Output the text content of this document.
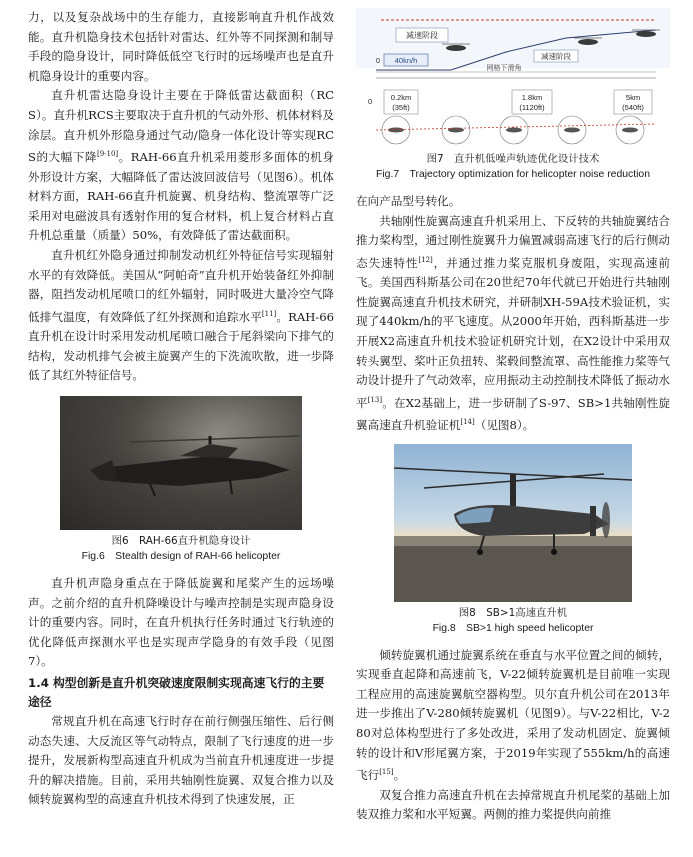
力，以及复杂战场中的生存能力，直接影响直升机作战效能。直升机隐身技术包括针对雷达、红外等不同探测和制导手段的隐身设计，同时降低低空飞行时的远场噪声也是直升机隐身设计的重要内容。

直升机雷达隐身设计主要在于降低雷达截面积（RCS）。直升机RCS主要取决于直升机的气动外形、机体材料及涂层。直升机外形隐身通过气动/隐身一体化设计等实现RCS的大幅下降[9-10]。RAH-66直升机采用菱形多面体的机身外形设计方案，大幅降低了雷达波回波信号（见图6）。机体材料方面，RAH-66直升机旋翼、机身结构、整流罩等广泛采用对电磁波具有透射作用的复合材料，机上复合材料占直升机总重量（质量）50%，有效降低了雷达截面积。

直升机红外隐身通过抑制发动机红外特征信号实现辐射水平的有效降低。美国从“阿帕奇”直升机开始装备红外抑制器，阻挡发动机尾喷口的红外辐射，同时吸进大量冷空气降低排气温度，有效降低了红外探测和追踪水平[11]。RAH-66直升机在设计时采用发动机尾喷口融合于尾斜梁向下排气的结构，发动机排气会被主旋翼产生的下洗流吹散，进一步降低了其红外特征信号。

图6　RAH-66直升机隐身设计

Fig.6　Stealth design of RAH-66 helicopter

直升机声隐身重点在于降低旋翼和尾桨产生的远场噪声。之前介绍的直升机降噪设计与噪声控制是实现声隐身设计的重要内容。同时，在直升机执行任务时通过飞行轨迹的优化降低声探测水平也是实现声学隐身的有效手段（见图7）。

1.4 构型创新是直升机突破速度限制实现高速飞行的主要途径

常规直升机在高速飞行时存在前行侧强压缩性、后行侧动态失速、大反流区等气动特点，限制了飞行速度的进一步提升，发展新构型高速直升机成为当前直升机速度进一步提升的解决措施。目前，采用共轴刚性旋翼、双复合推力以及倾转旋翼构型的高速直升机技术得到了快速发展，正

减速阶段
减速阶段
40kn/h
0
网格下滑角
0 0.2km
(35ft)
1.8km
(1120ft)
5km
(540ft)

图7　直升机低噪声轨迹优化设计技术

Fig.7　Trajectory optimization for helicopter noise reduction

在向产品型号转化。

共轴刚性旋翼高速直升机采用上、下反转的共轴旋翼结合推力桨构型，通过刚性旋翼升力偏置减弱高速飞行的后行侧动态失速特性[12]，并通过推力桨克服机身废阻，实现高速前飞。美国西科斯基公司在20世纪70年代就已开始进行共轴刚性旋翼高速直升机技术研究，并研制XH-59A技术验证机，实现了440km/h的平飞速度。从2000年开始，西科斯基进一步开展X2高速直升机技术验证机研究计划，在X2设计中采用双转头翼型、桨叶正负扭转、桨毂间整流罩、高性能推力桨等气动设计提升了气动效率，应用振动主动控制技术降低了振动水平[13]。在X2基础上，进一步研制了S-97、SB>1共轴刚性旋翼高速直升机验证机[14]（见图8）。

图8　SB>1高速直升机

Fig.8　SB>1 high speed helicopter

倾转旋翼机通过旋翼系统在垂直与水平位置之间的倾转，实现垂直起降和高速前飞，V-22倾转旋翼机是目前唯一实现工程应用的高速旋翼航空器构型。贝尔直升机公司在2013年进一步推出了V-280倾转旋翼机（见图9）。与V-22相比，V-280对总体构型进行了多处改进，采用了发动机固定、旋翼倾转的设计和V形尾翼方案，于2019年实现了555km/h的高速飞行[15]。

双复合推力高速直升机在去掉常规直升机尾桨的基础上加装双推力桨和水平短翼。两侧的推力桨提供向前推
